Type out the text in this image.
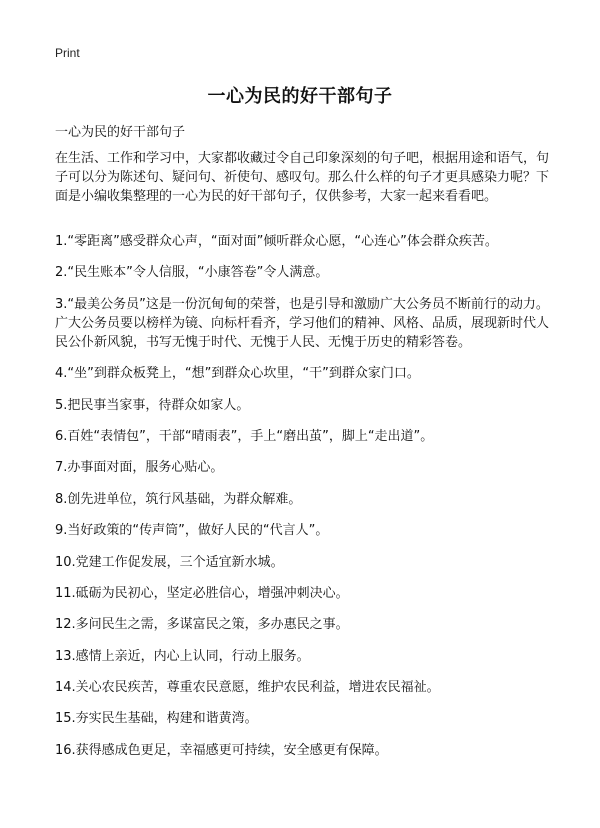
Print
一心为民的好干部句子
一心为民的好干部句子

在生活、工作和学习中，大家都收藏过令自己印象深刻的句子吧，根据用途和语气，句子可以分为陈述句、疑问句、祈使句、感叹句。那么什么样的句子才更具感染力呢？下面是小编收集整理的一心为民的好干部句子，仅供参考，大家一起来看看吧。

1.“零距离”感受群众心声，“面对面”倾听群众心愿，“心连心”体会群众疾苦。
2.“民生账本”令人信服，“小康答卷”令人满意。
3.“最美公务员”这是一份沉甸甸的荣誉，也是引导和激励广大公务员不断前行的动力。广大公务员要以榜样为镜、向标杆看齐，学习他们的精神、风格、品质，展现新时代人民公仆新风貌，书写无愧于时代、无愧于人民、无愧于历史的精彩答卷。
4.“坐”到群众板凳上，“想”到群众心坎里，“干”到群众家门口。
5.把民事当家事，待群众如家人。
6.百姓“表情包”，干部“晴雨表”，手上“磨出茧”，脚上“走出道”。
7.办事面对面，服务心贴心。
8.创先进单位，筑行风基础，为群众解难。
9.当好政策的“传声筒”，做好人民的“代言人”。
10.党建工作促发展，三个适宜新水城。
11.砥砺为民初心，坚定必胜信心，增强冲刺决心。
12.多问民生之需，多谋富民之策，多办惠民之事。
13.感情上亲近，内心上认同，行动上服务。
14.关心农民疾苦，尊重农民意愿，维护农民利益，增进农民福祉。
15.夯实民生基础，构建和谐黄湾。
16.获得感成色更足，幸福感更可持续，安全感更有保障。
